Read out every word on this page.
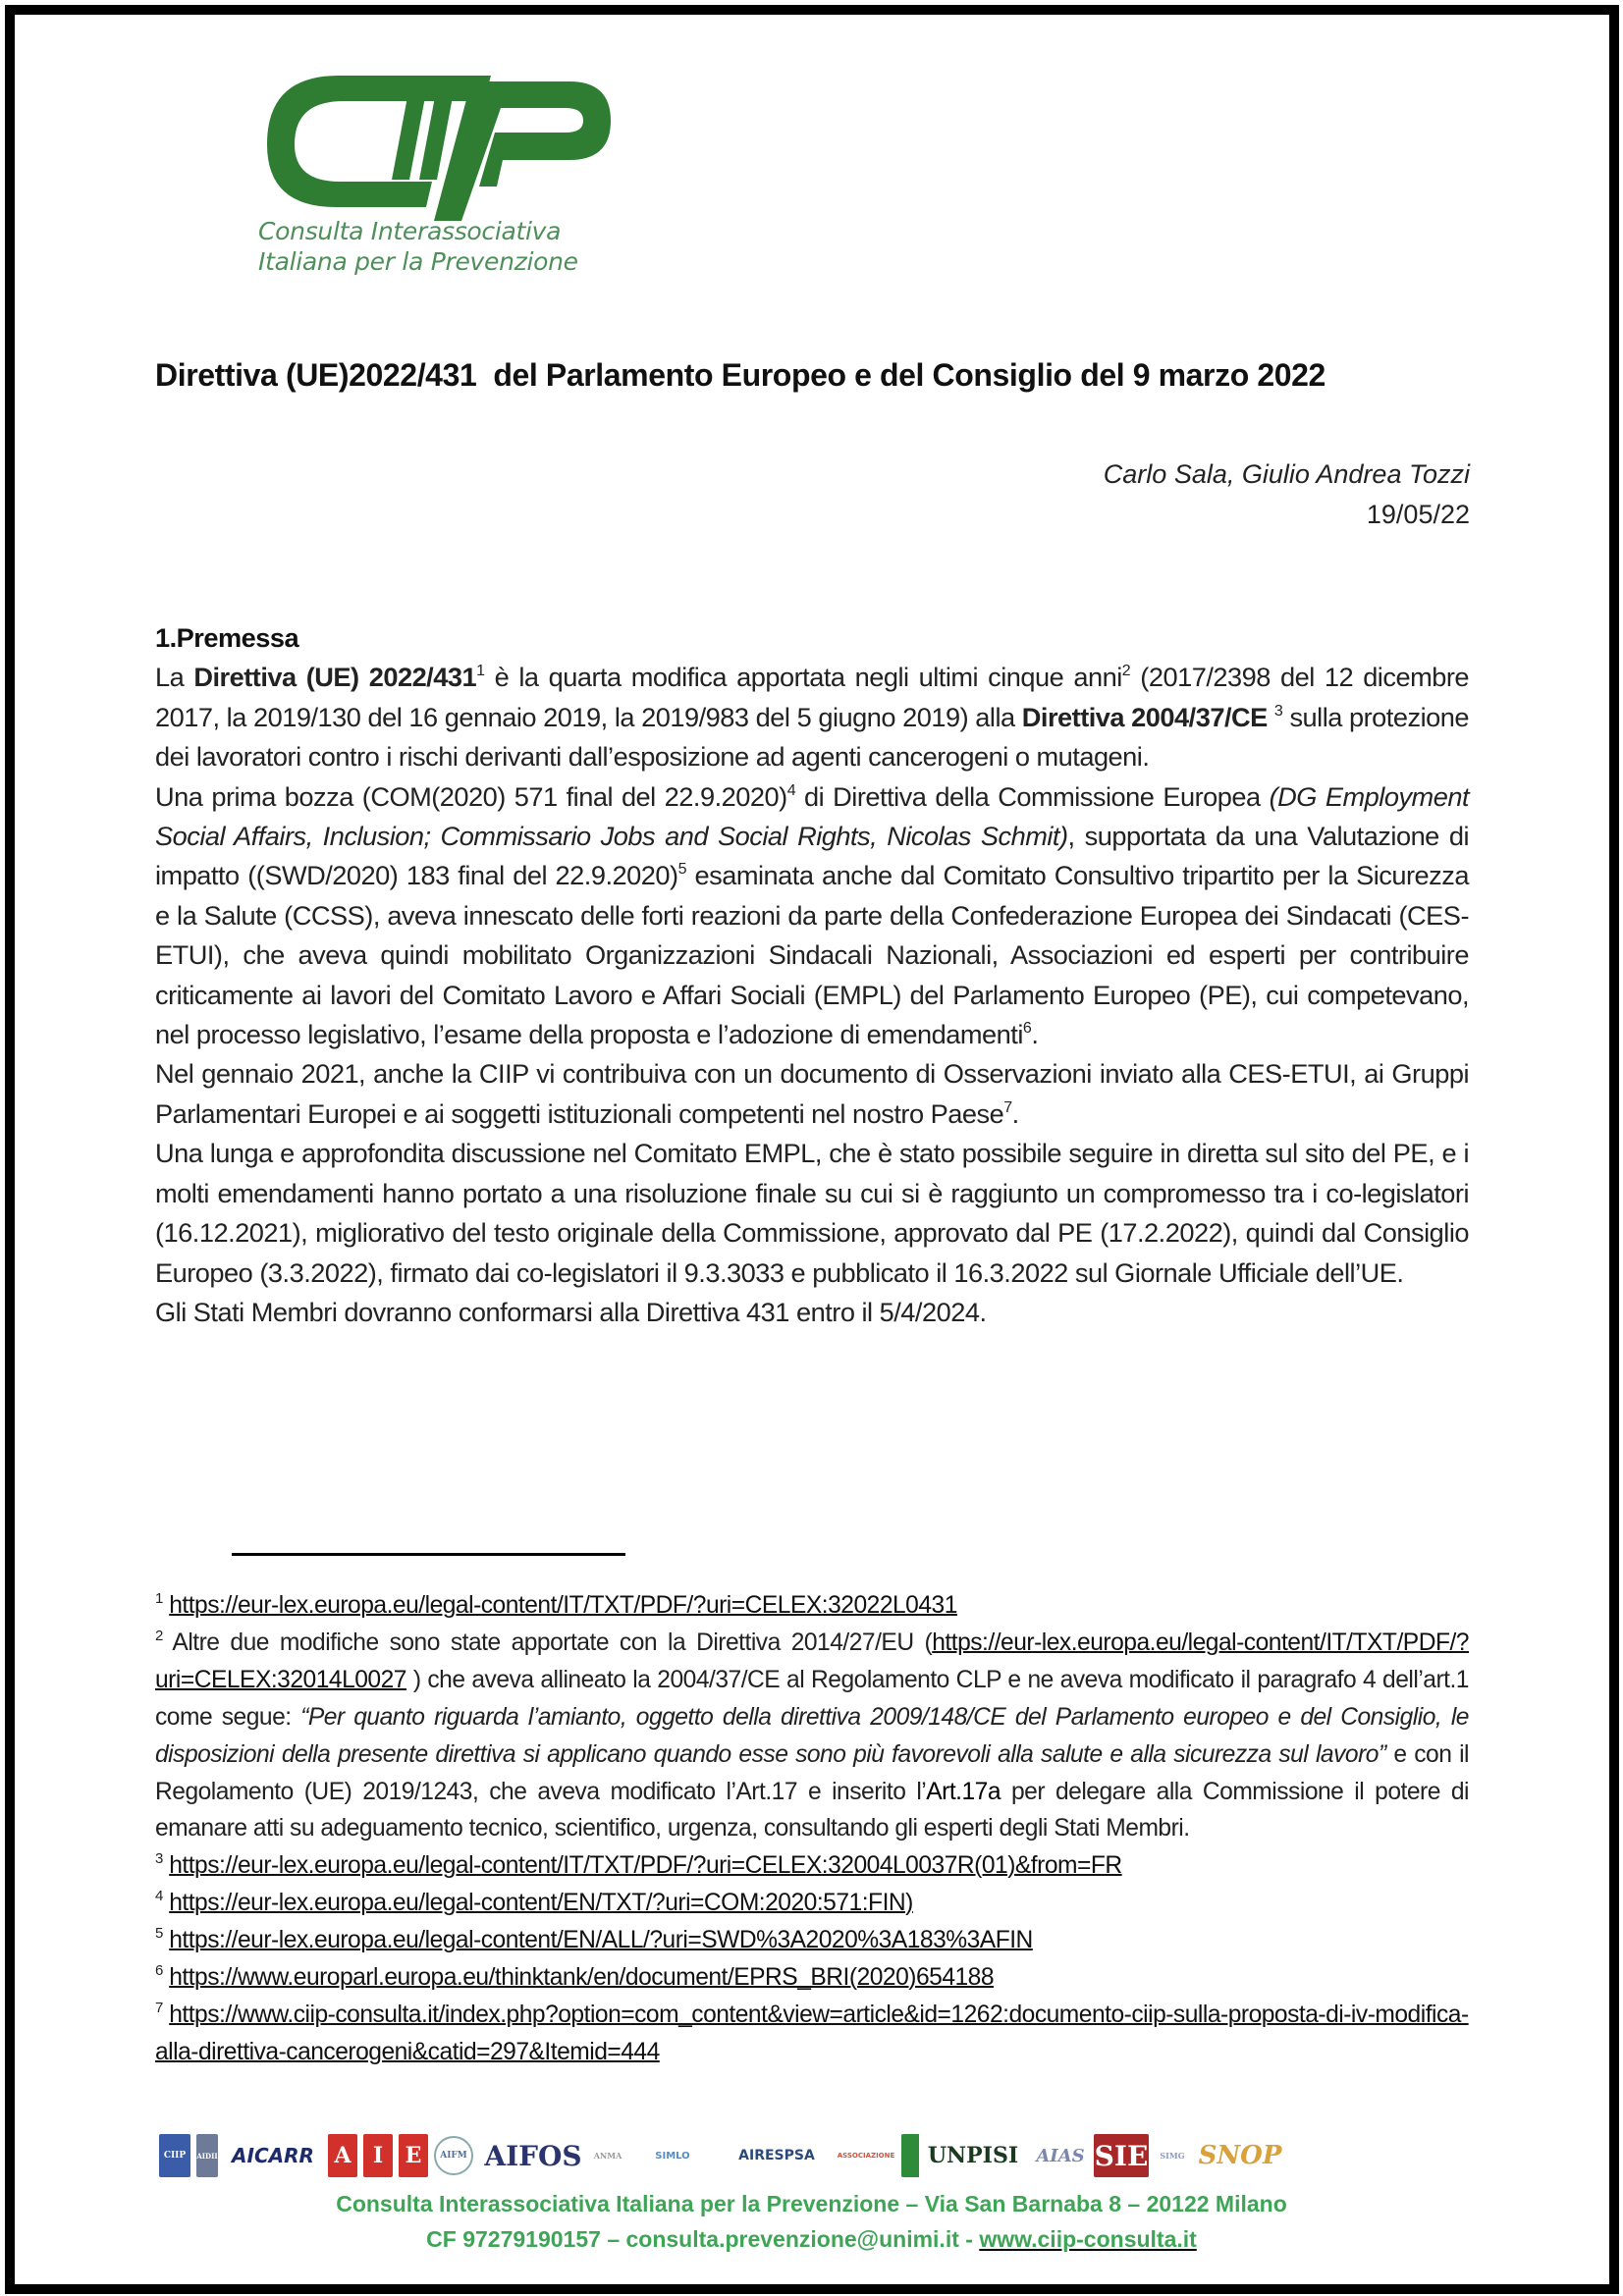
Consulta Interassociativa
Italiana per la Prevenzione
Direttiva (UE)2022/431  del Parlamento Europeo e del Consiglio del 9 marzo 2022
Carlo Sala, Giulio Andrea Tozzi
19/05/22

1.Premessa

La Direttiva (UE) $2022/431^1$ è la quarta modifica apportata negli ultimi cinque anni$^2$ (2017/2398 del 12 dicembre 2017, la 2019/130 del 16 gennaio 2019, la 2019/983 del 5 giugno 2019) alla Direttiva 2004/37/CE $^3$ sulla protezione dei lavoratori contro i rischi derivanti dall’esposizione ad agenti cancerogeni o mutageni.

Una prima bozza (COM(2020) 571 final del 22.9.2020)$^4$ di Direttiva della Commissione Europea (DG Employment Social Affairs, Inclusion; Commissario Jobs and Social Rights, Nicolas Schmit), supportata da una Valutazione di impatto ((SWD/2020) 183 final del 22.9.2020)$^5$ esaminata anche dal Comitato Consultivo tripartito per la Sicurezza e la Salute (CCSS), aveva innescato delle forti reazioni da parte della Confederazione Europea dei Sindacati (CES-ETUI), che aveva quindi mobilitato Organizzazioni Sindacali Nazionali, Associazioni ed esperti per contribuire criticamente ai lavori del Comitato Lavoro e Affari Sociali (EMPL) del Parlamento Europeo (PE), cui competevano, nel processo legislativo, l’esame della proposta e l’adozione di emendamenti$^6$.

Nel gennaio 2021, anche la CIIP vi contribuiva con un documento di Osservazioni inviato alla CES-ETUI, ai Gruppi Parlamentari Europei e ai soggetti istituzionali competenti nel nostro Paese$^7$.

Una lunga e approfondita discussione nel Comitato EMPL, che è stato possibile seguire in diretta sul sito del PE, e i molti emendamenti hanno portato a una risoluzione finale su cui si è raggiunto un compromesso tra i co-legislatori (16.12.2021), migliorativo del testo originale della Commissione, approvato dal PE (17.2.2022), quindi dal Consiglio Europeo (3.3.2022), firmato dai co-legislatori il 9.3.3033 e pubblicato il 16.3.2022 sul Giornale Ufficiale dell’UE.

Gli Stati Membri dovranno conformarsi alla Direttiva 431 entro il 5/4/2024.

$^1$ https://eur-lex.europa.eu/legal-content/IT/TXT/PDF/?uri=CELEX:32022L0431

$^2$ Altre due modifiche sono state apportate con la Direttiva 2014/27/EU (https://eur-lex.europa.eu/legal-content/IT/TXT/PDF/?uri=CELEX:32014L0027 ) che aveva allineato la 2004/37/CE al Regolamento CLP e ne aveva modificato il paragrafo 4 dell’art.1 come segue: “Per quanto riguarda l’amianto, oggetto della direttiva 2009/148/CE del Parlamento europeo e del Consiglio, le disposizioni della presente direttiva si applicano quando esse sono più favorevoli alla salute e alla sicurezza sul lavoro” e con il Regolamento (UE) 2019/1243, che aveva modificato l’Art.17 e inserito l’Art.17a per delegare alla Commissione il potere di emanare atti su adeguamento tecnico, scientifico, urgenza, consultando gli esperti degli Stati Membri.

$^3$ https://eur-lex.europa.eu/legal-content/IT/TXT/PDF/?uri=CELEX:32004L0037R(01)&from=FR

$^4$ https://eur-lex.europa.eu/legal-content/EN/TXT/?uri=COM:2020:571:FIN)

$^5$ https://eur-lex.europa.eu/legal-content/EN/ALL/?uri=SWD%3A2020%3A183%3AFIN

$^6$ https://www.europarl.europa.eu/thinktank/en/document/EPRS_BRI(2020)654188

$^7$ https://www.ciip-consulta.it/index.php?option=com_content&view=article&id=1262:documento-ciip-sulla-proposta-di-iv-modifica-alla-direttiva-cancerogeni&catid=297&Itemid=444

CIIP	AIDII AICARR A	I	E	AIFM AIFOS	ANMA	SIMLO	AIRESPSA	ASSOCIAZIONE	UNPISI	AIAS SIE	SIMG SNOP
Consulta Interassociativa Italiana per la Prevenzione – Via San Barnaba 8 – 20122 Milano
CF 97279190157 – consulta.prevenzione@unimi.it - www.ciip-consulta.it
